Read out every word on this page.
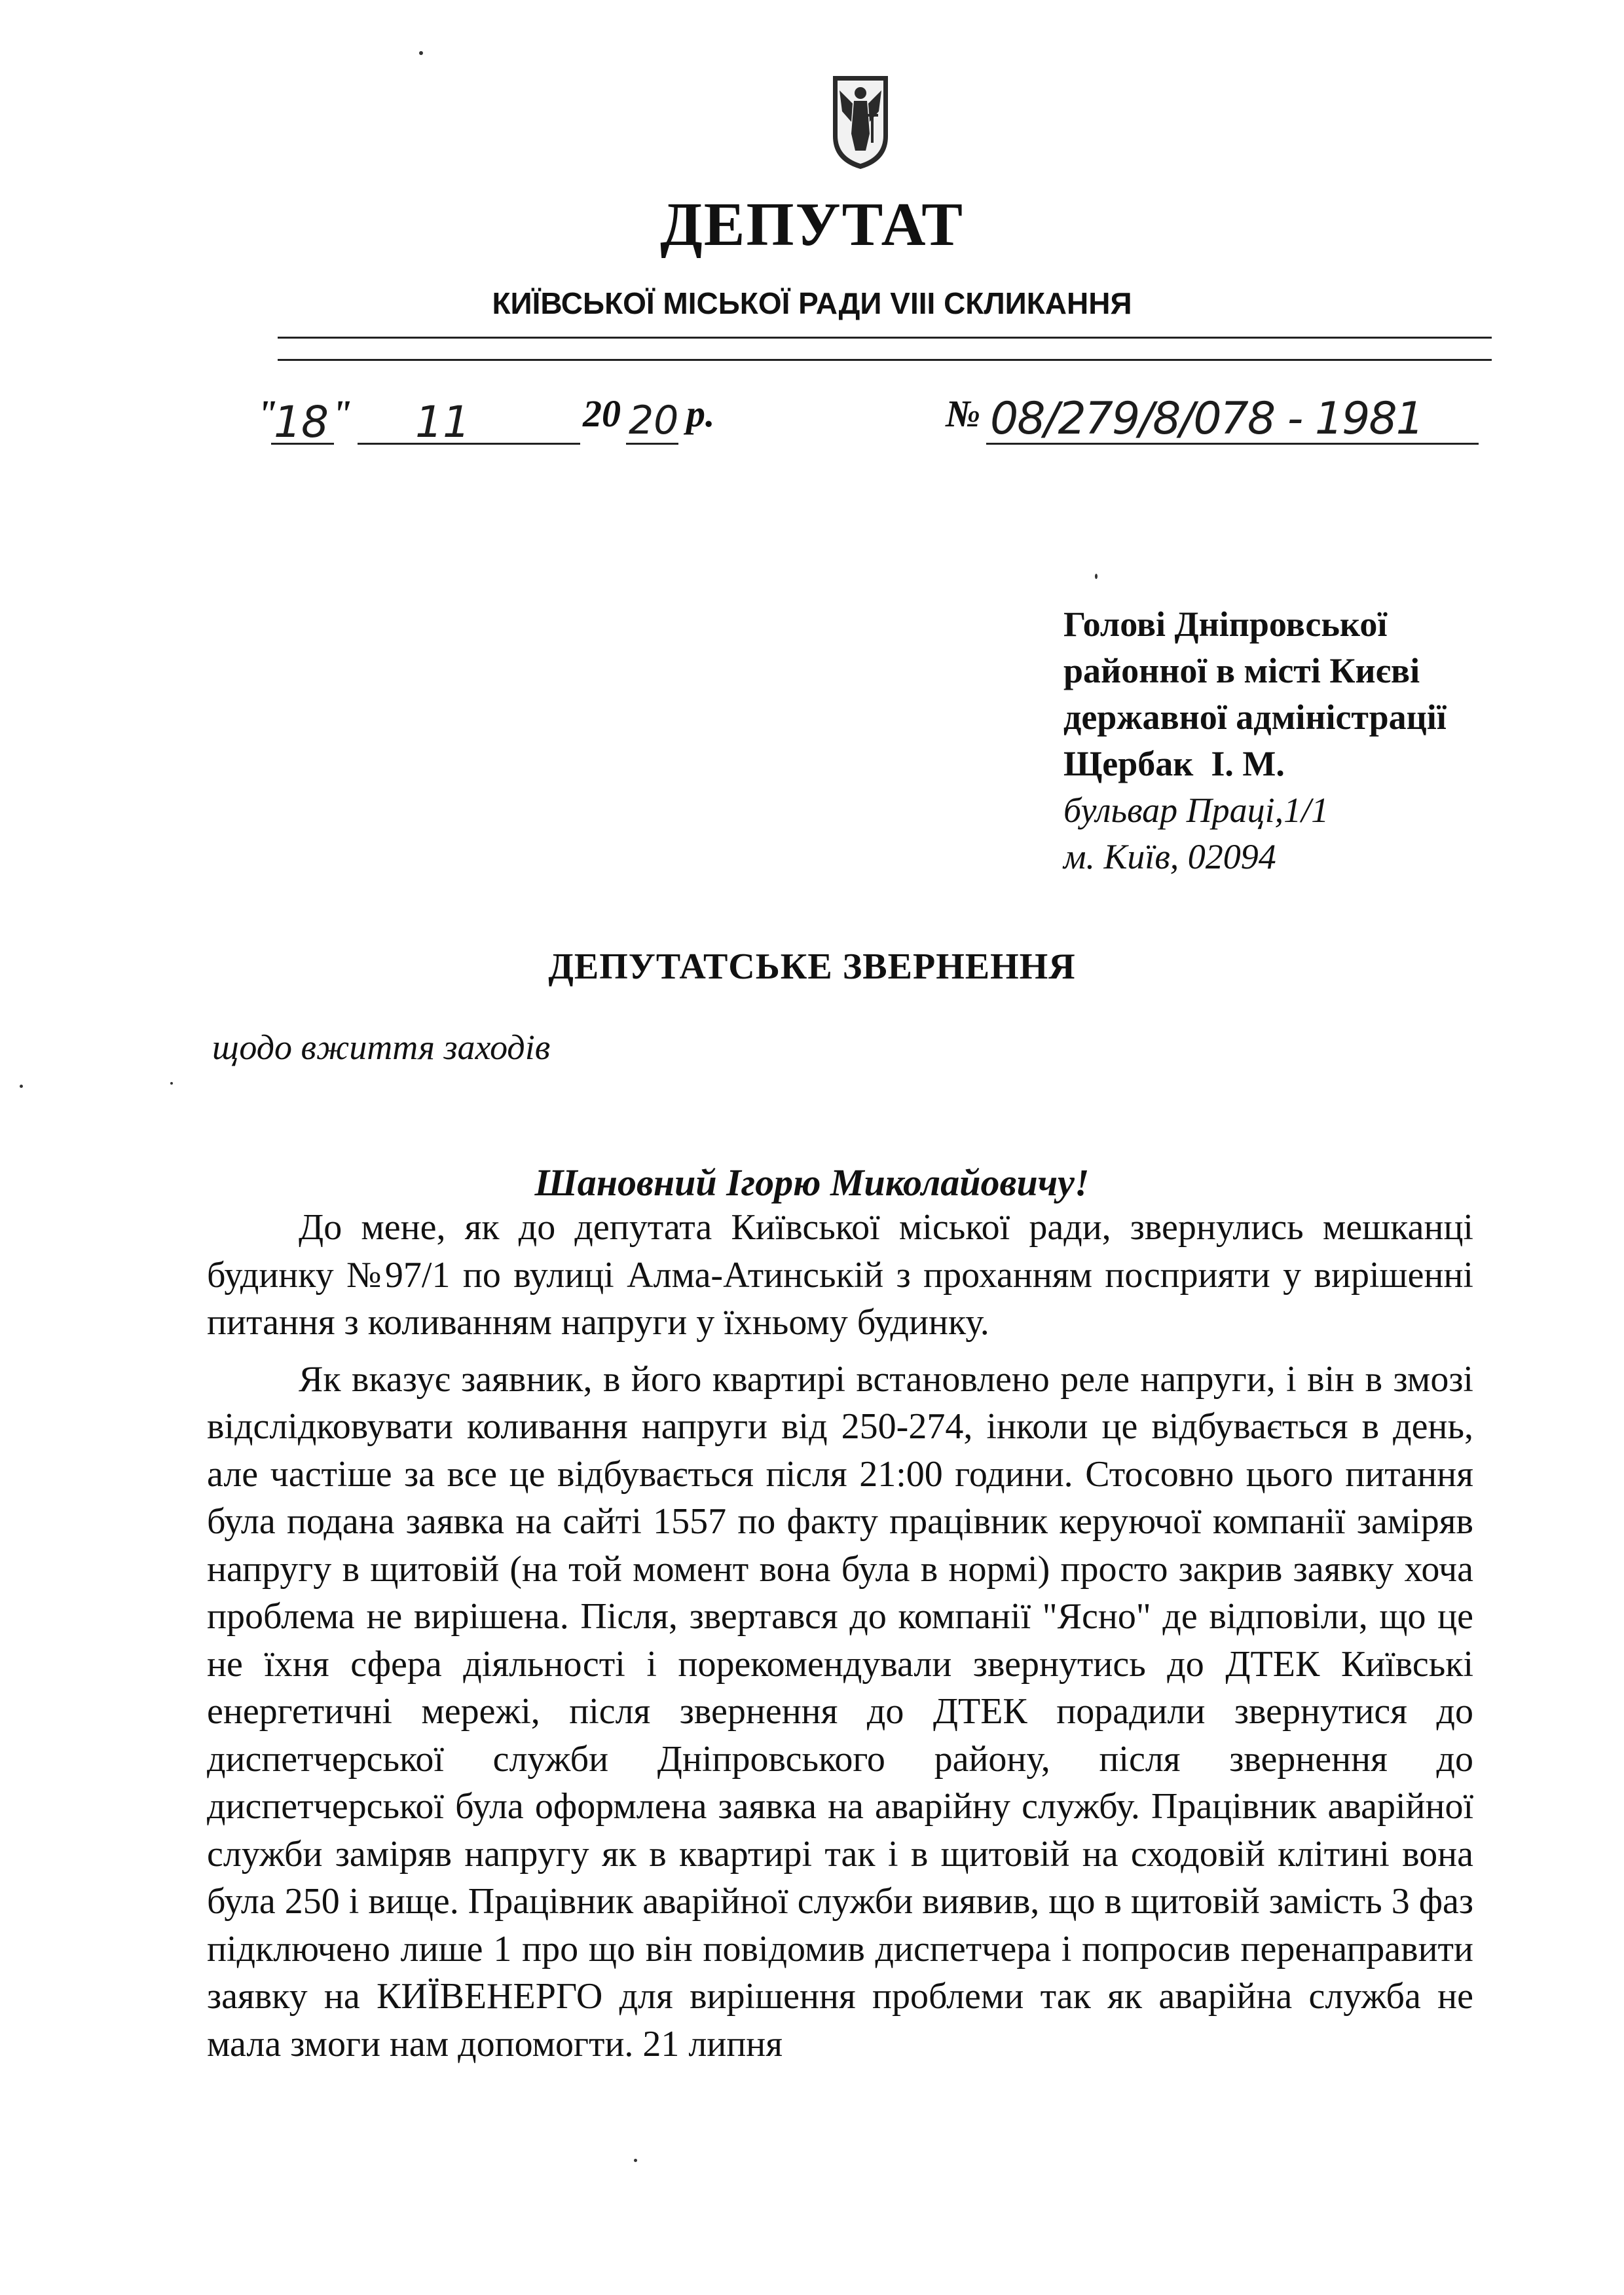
ДЕПУТАТ
КИЇВСЬКОЇ МІСЬКОЇ РАДИ VIII СКЛИКАННЯ
"
18 " 11	20 20 р.	№ 08/279/8/078 - 1981
Голові Дніпровської
районної в місті Києві
державної адміністрації
Щербак  І. М.
бульвар Праці,1/1
м. Київ, 02094
ДЕПУТАТСЬКЕ ЗВЕРНЕННЯ
щодо вжиття заходів
Шановний Ігорю Миколайовичу!

До мене, як до депутата Київської міської ради, звернулись мешканці будинку №97/1 по вулиці Алма-Атинській з проханням посприяти у вирішенні питання з коливанням напруги у їхньому будинку.

Як вказує заявник, в його квартирі встановлено реле напруги, і він в змозі відслідковувати коливання напруги від 250-274, інколи це відбувається в день, але частіше за все це відбувається після 21:00 години. Стосовно цього питання була подана заявка на сайті 1557 по факту працівник керуючої компанії заміряв напругу в щитовій (на той момент вона була в нормі) просто закрив заявку хоча проблема не вирішена. Після, звертався до компанії "Ясно" де відповіли, що це не їхня сфера діяльності і порекомендували звернутись до ДТЕК Київські енергетичні мережі, після звернення до ДТЕК порадили звернутися до диспетчерської служби Дніпровського району, після звернення до диспетчерської була оформлена заявка на аварійну службу. Працівник аварійної служби заміряв напругу як в квартирі так і в щитовій на сходовій клітині вона була 250 і вище. Працівник аварійної служби виявив, що в щитовій замість 3 фаз підключено лише 1 про що він повідомив диспетчера і попросив перенаправити заявку на КИЇВЕНЕРГО для вирішення проблеми так як аварійна служба не мала змоги нам допомогти. 21 липня
